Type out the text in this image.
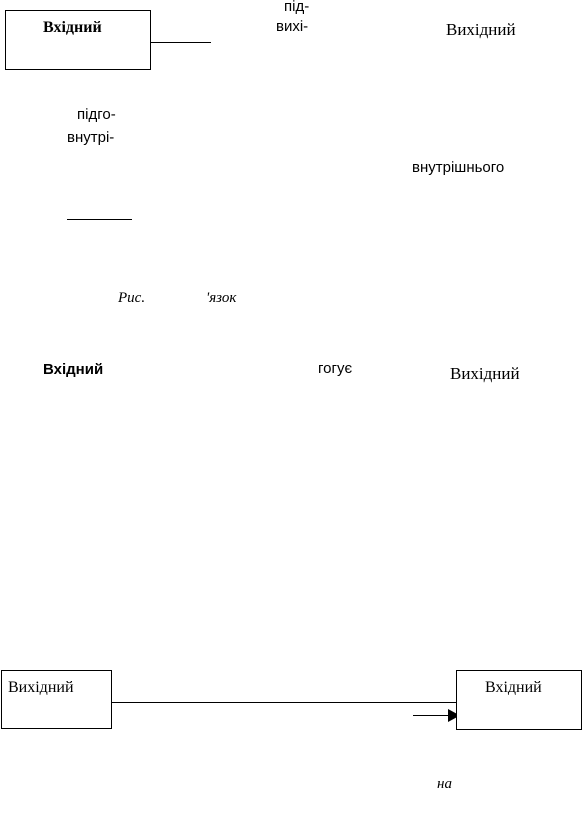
Вхідний
під-
вихі-	Вихідний
підго-
внутрі-
внутрішнього
Рис.	'язок
Вхідний	гогує	Вихідний
Вихідний	Вхідний
на
